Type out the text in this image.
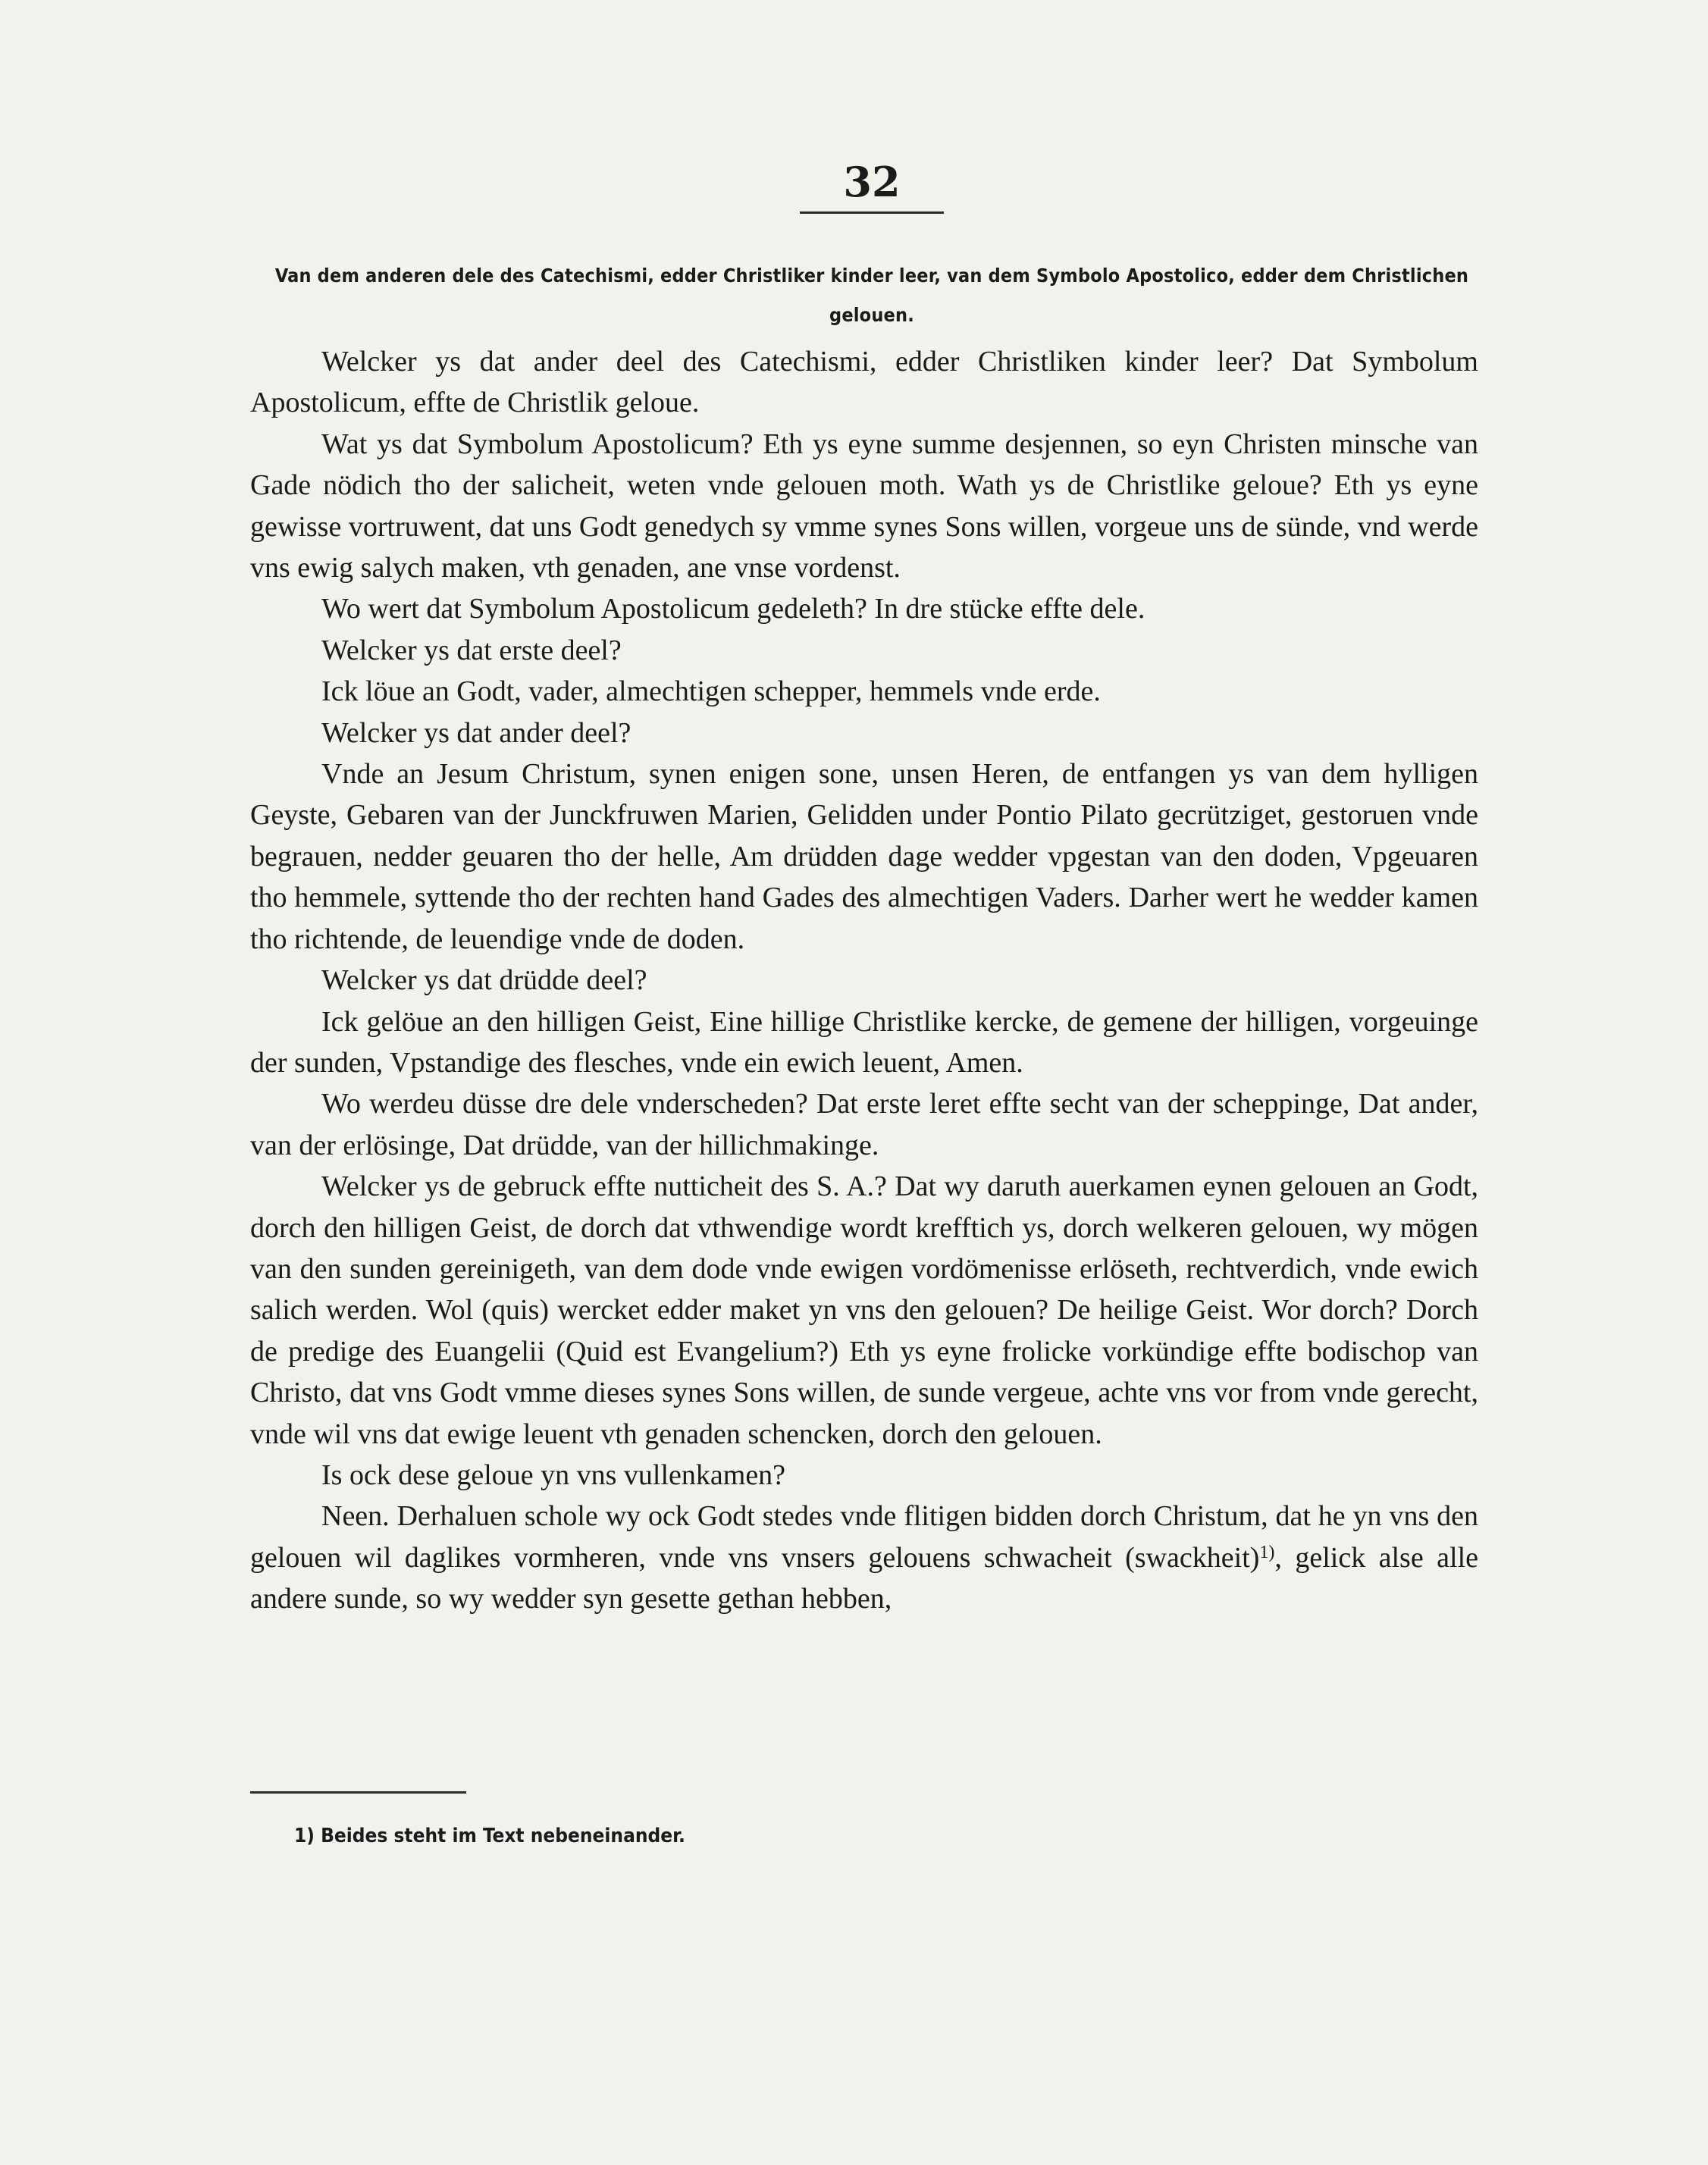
32
Van dem anderen dele des Catechismi, edder Christliker kinder leer, van dem Symbolo Apostolico, edder dem Christlichen gelouen.

Welcker ys dat ander deel des Catechismi, edder Christliken kinder leer? Dat Symbolum Apostolicum, effte de Christlik geloue.

Wat ys dat Symbolum Apostolicum? Eth ys eyne summe desjennen, so eyn Christen minsche van Gade nödich tho der salicheit, weten vnde gelouen moth. Wath ys de Christlike geloue? Eth ys eyne gewisse vortruwent, dat uns Godt genedych sy vmme synes Sons willen, vorgeue uns de sünde, vnd werde vns ewig salych maken, vth genaden, ane vnse vordenst.

Wo wert dat Symbolum Apostolicum gedeleth? In dre stücke effte dele.

Welcker ys dat erste deel?

Ick löue an Godt, vader, almechtigen schepper, hemmels vnde erde.

Welcker ys dat ander deel?

Vnde an Jesum Christum, synen enigen sone, unsen Heren, de entfangen ys van dem hylligen Geyste, Gebaren van der Junckfruwen Marien, Gelidden under Pontio Pilato gecrütziget, gestoruen vnde begrauen, nedder geuaren tho der helle, Am drüdden dage wedder vpgestan van den doden, Vpgeuaren tho hemmele, syttende tho der rechten hand Gades des almechtigen Vaders. Darher wert he wedder kamen tho richtende, de leuendige vnde de doden.

Welcker ys dat drüdde deel?

Ick gelöue an den hilligen Geist, Eine hillige Christlike kercke, de gemene der hilligen, vorgeuinge der sunden, Vpstandige des flesches, vnde ein ewich leuent, Amen.

Wo werdeu düsse dre dele vnderscheden? Dat erste leret effte secht van der scheppinge, Dat ander, van der erlösinge, Dat drüdde, van der hillichmakinge.

Welcker ys de gebruck effte nutticheit des S. A.? Dat wy daruth auerkamen eynen gelouen an Godt, dorch den hilligen Geist, de dorch dat vthwendige wordt krefftich ys, dorch welkeren gelouen, wy mögen van den sunden gereinigeth, van dem dode vnde ewigen vordömenisse erlöseth, rechtverdich, vnde ewich salich werden. Wol (quis) wercket edder maket yn vns den gelouen? De heilige Geist. Wor dorch? Dorch de predige des Euangelii (Quid est Evangelium?) Eth ys eyne frolicke vorkündige effte bodischop van Christo, dat vns Godt vmme dieses synes Sons willen, de sunde vergeue, achte vns vor from vnde gerecht, vnde wil vns dat ewige leuent vth genaden schencken, dorch den gelouen.

Is ock dese geloue yn vns vullenkamen?

Neen. Derhaluen schole wy ock Godt stedes vnde flitigen bidden dorch Christum, dat he yn vns den gelouen wil daglikes vormheren, vnde vns vnsers gelouens schwacheit (swackheit)$^{1)}$, gelick alse alle andere sunde, so wy wedder syn gesette gethan hebben,

1) Beides steht im Text nebeneinander.
